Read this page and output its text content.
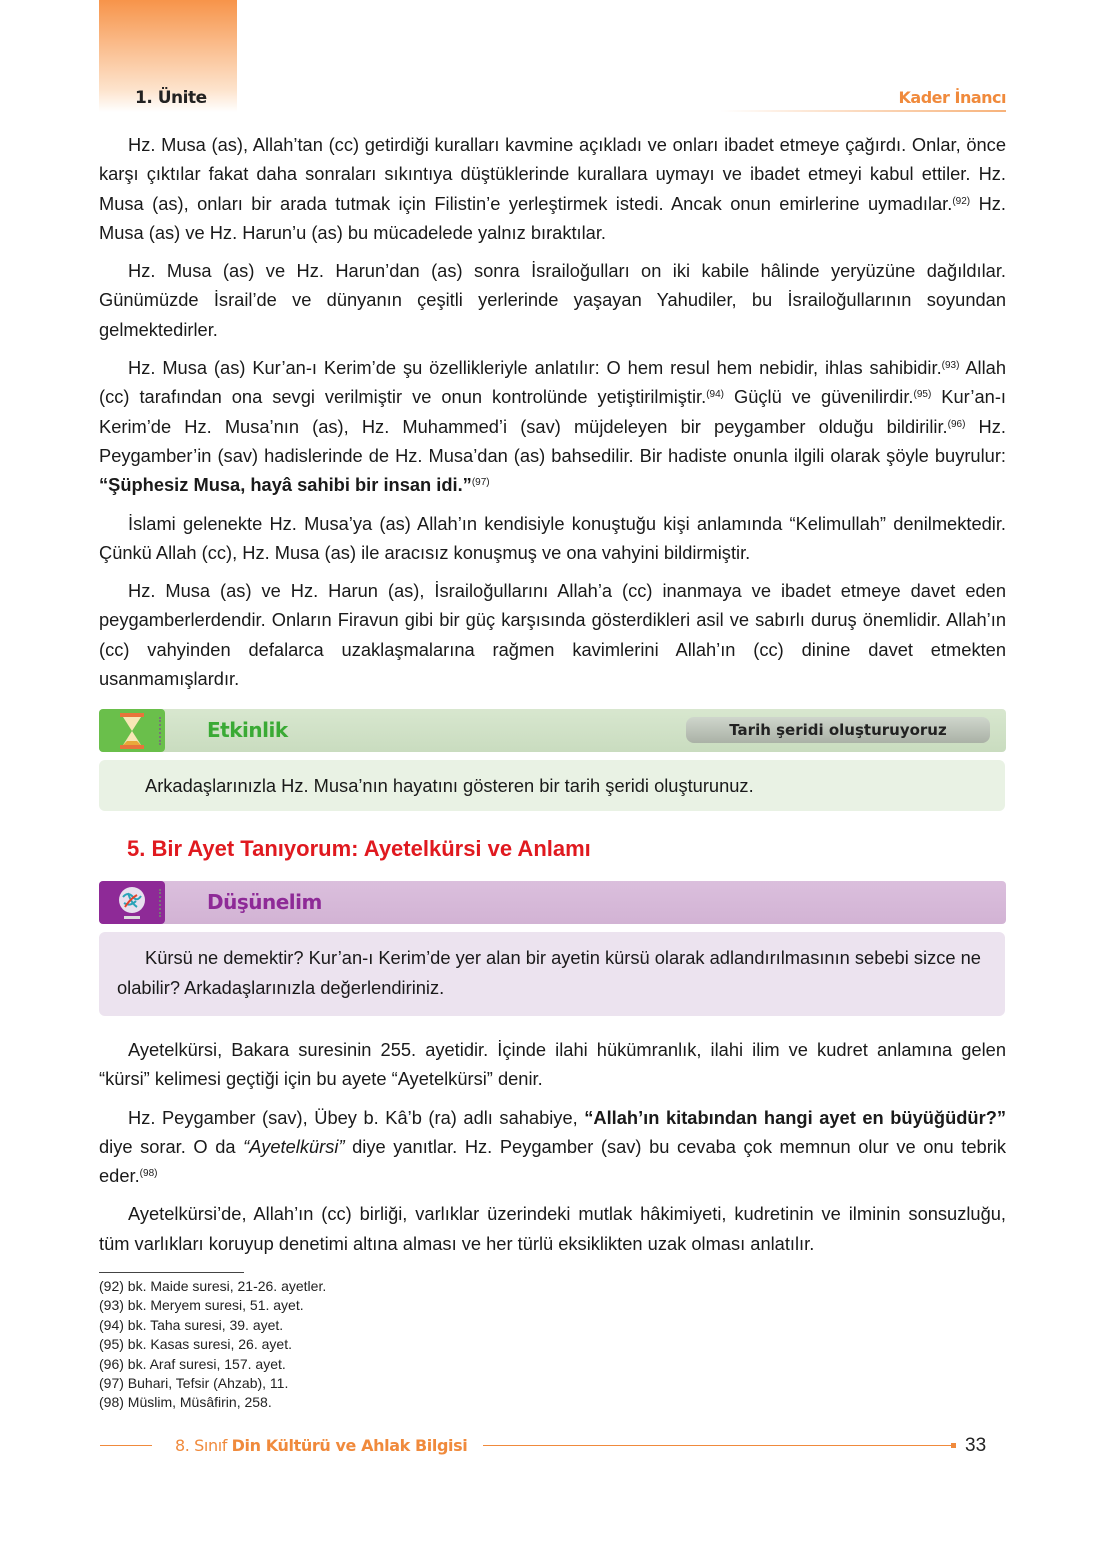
1. Ünite	Kader İnancı

Hz. Musa (as), Allah’tan (cc) getirdiği kuralları kavmine açıkladı ve onları ibadet etmeye çağırdı. Onlar, önce karşı çıktılar fakat daha sonraları sıkıntıya düştüklerinde kurallara uymayı ve ibadet etmeyi kabul ettiler. Hz. Musa (as), onları bir arada tutmak için Filistin’e yerleştirmek istedi. Ancak onun emirlerine uymadılar.$^{(92)}$ Hz. Musa (as) ve Hz. Harun’u (as) bu mücadelede yalnız bıraktılar.

Hz. Musa (as) ve Hz. Harun’dan (as) sonra İsrailoğulları on iki kabile hâlinde yeryüzüne dağıldılar. Günümüzde İsrail’de ve dünyanın çeşitli yerlerinde yaşayan Yahudiler, bu İsrailoğullarının soyundan gelmektedirler.

Hz. Musa (as) Kur’an-ı Kerim’de şu özellikleriyle anlatılır: O hem resul hem nebidir, ihlas sahibidir.$^{(93)}$ Allah (cc) tarafından ona sevgi verilmiştir ve onun kontrolünde yetiştirilmiştir.$^{(94)}$ Güçlü ve güvenilirdir.$^{(95)}$ Kur’an-ı Kerim’de Hz. Musa’nın (as), Hz. Muhammed’i (sav) müjdeleyen bir peygamber olduğu bildirilir.$^{(96)}$ Hz. Peygamber’in (sav) hadislerinde de Hz. Musa’dan (as) bahsedilir. Bir hadiste onunla ilgili olarak şöyle buyrulur: “Şüphesiz Musa, hayâ sahibi bir insan idi.”$^{(97)}$

İslami gelenekte Hz. Musa’ya (as) Allah’ın kendisiyle konuştuğu kişi anlamında “Kelimullah” denilmektedir. Çünkü Allah (cc), Hz. Musa (as) ile aracısız konuşmuş ve ona vahyini bildirmiştir.

Hz. Musa (as) ve Hz. Harun (as), İsrailoğullarını Allah’a (cc) inanmaya ve ibadet etmeye davet eden peygamberlerdendir. Onların Firavun gibi bir güç karşısında gösterdikleri asil ve sabırlı duruş önemlidir. Allah’ın (cc) vahyinden defalarca uzaklaşmalarına rağmen kavimlerini Allah’ın (cc) dinine davet etmekten usanmamışlardır.

Etkinlik	Tarih şeridi oluşturuyoruz
Arkadaşlarınızla Hz. Musa’nın hayatını gösteren bir tarih şeridi oluşturunuz.
5. Bir Ayet Tanıyorum: Ayetelkürsi ve Anlamı
Düşünelim
Kürsü ne demektir? Kur’an-ı Kerim’de yer alan bir ayetin kürsü olarak adlandırılmasının sebebi sizce ne olabilir? Arkadaşlarınızla değerlendiriniz.

Ayetelkürsi, Bakara suresinin 255. ayetidir. İçinde ilahi hükümranlık, ilahi ilim ve kudret anlamına gelen “kürsi” kelimesi geçtiği için bu ayete “Ayetelkürsi” denir.

Hz. Peygamber (sav), Übey b. Kâ’b (ra) adlı sahabiye, “Allah’ın kitabından hangi ayet en büyüğüdür?” diye sorar. O da “Ayetelkürsi” diye yanıtlar. Hz. Peygamber (sav) bu cevaba çok memnun olur ve onu tebrik eder.$^{(98)}$

Ayetelkürsi’de, Allah’ın (cc) birliği, varlıklar üzerindeki mutlak hâkimiyeti, kudretinin ve ilminin sonsuzluğu, tüm varlıkları koruyup denetimi altına alması ve her türlü eksiklikten uzak olması anlatılır.

(92) bk. Maide suresi, 21-26. ayetler.
(93) bk. Meryem suresi, 51. ayet.
(94) bk. Taha suresi, 39. ayet.
(95) bk. Kasas suresi, 26. ayet.
(96) bk. Araf suresi, 157. ayet.
(97) Buhari, Tefsir (Ahzab), 11.
(98) Müslim, Müsâfirin, 258.
8. Sınıf Din Kültürü ve Ahlak Bilgisi	33
